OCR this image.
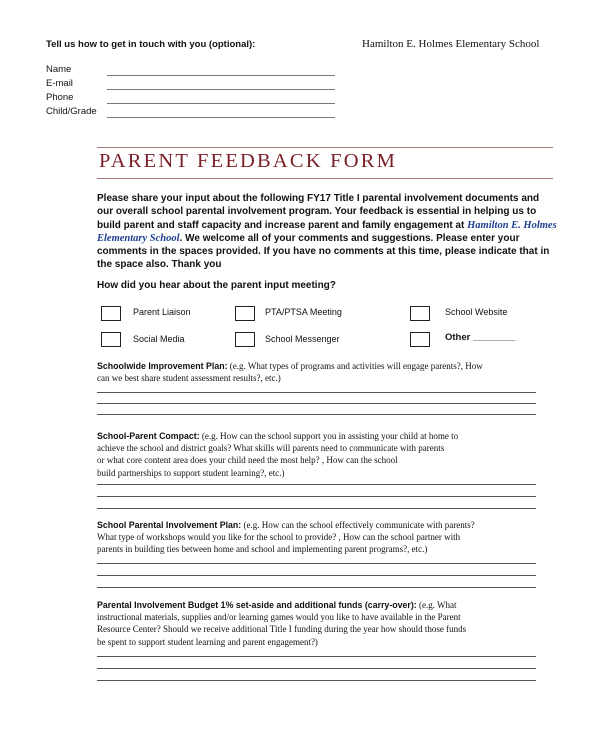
Tell us how to get in touch with you (optional):	Hamilton E. Holmes Elementary School
Name
E-mail
Phone
Child/Grade
PARENT FEEDBACK FORM
Please share your input about the following FY17 Title I parental involvement documents and our overall school parental involvement program. Your feedback is essential in helping us to build parent and staff capacity and increase parent and family engagement at Hamilton E. Holmes Elementary School. We welcome all of your comments and suggestions. Please enter your comments in the spaces provided. If you have no comments at this time, please indicate that in the space also. Thank you
How did you hear about the parent input meeting?
Parent Liaison	PTA/PTSA Meeting	School Website
Social Media	School Messenger	Other ________
Schoolwide Improvement Plan: (e.g. What types of programs and activities will engage parents?, How
can we best share student assessment results?, etc.)
School-Parent Compact: (e.g. How can the school support you in assisting your child at home to
achieve the school and district goals? What skills will parents need to communicate with parents
or what core content area does your child need the most help? , How can the school
build partnerships to support student learning?, etc.)
School Parental Involvement Plan: (e.g. How can the school effectively communicate with parents?
What type of workshops would you like for the school to provide? , How can the school partner with
parents in building ties between home and school and implementing parent programs?, etc.)
Parental Involvement Budget 1% set-aside and additional funds (carry-over): (e.g. What
instructional materials, supplies and/or learning games would you like to have available in the Parent
Resource Center? Should we receive additional Title I funding during the year how should those funds
be spent to support student learning and parent engagement?)
